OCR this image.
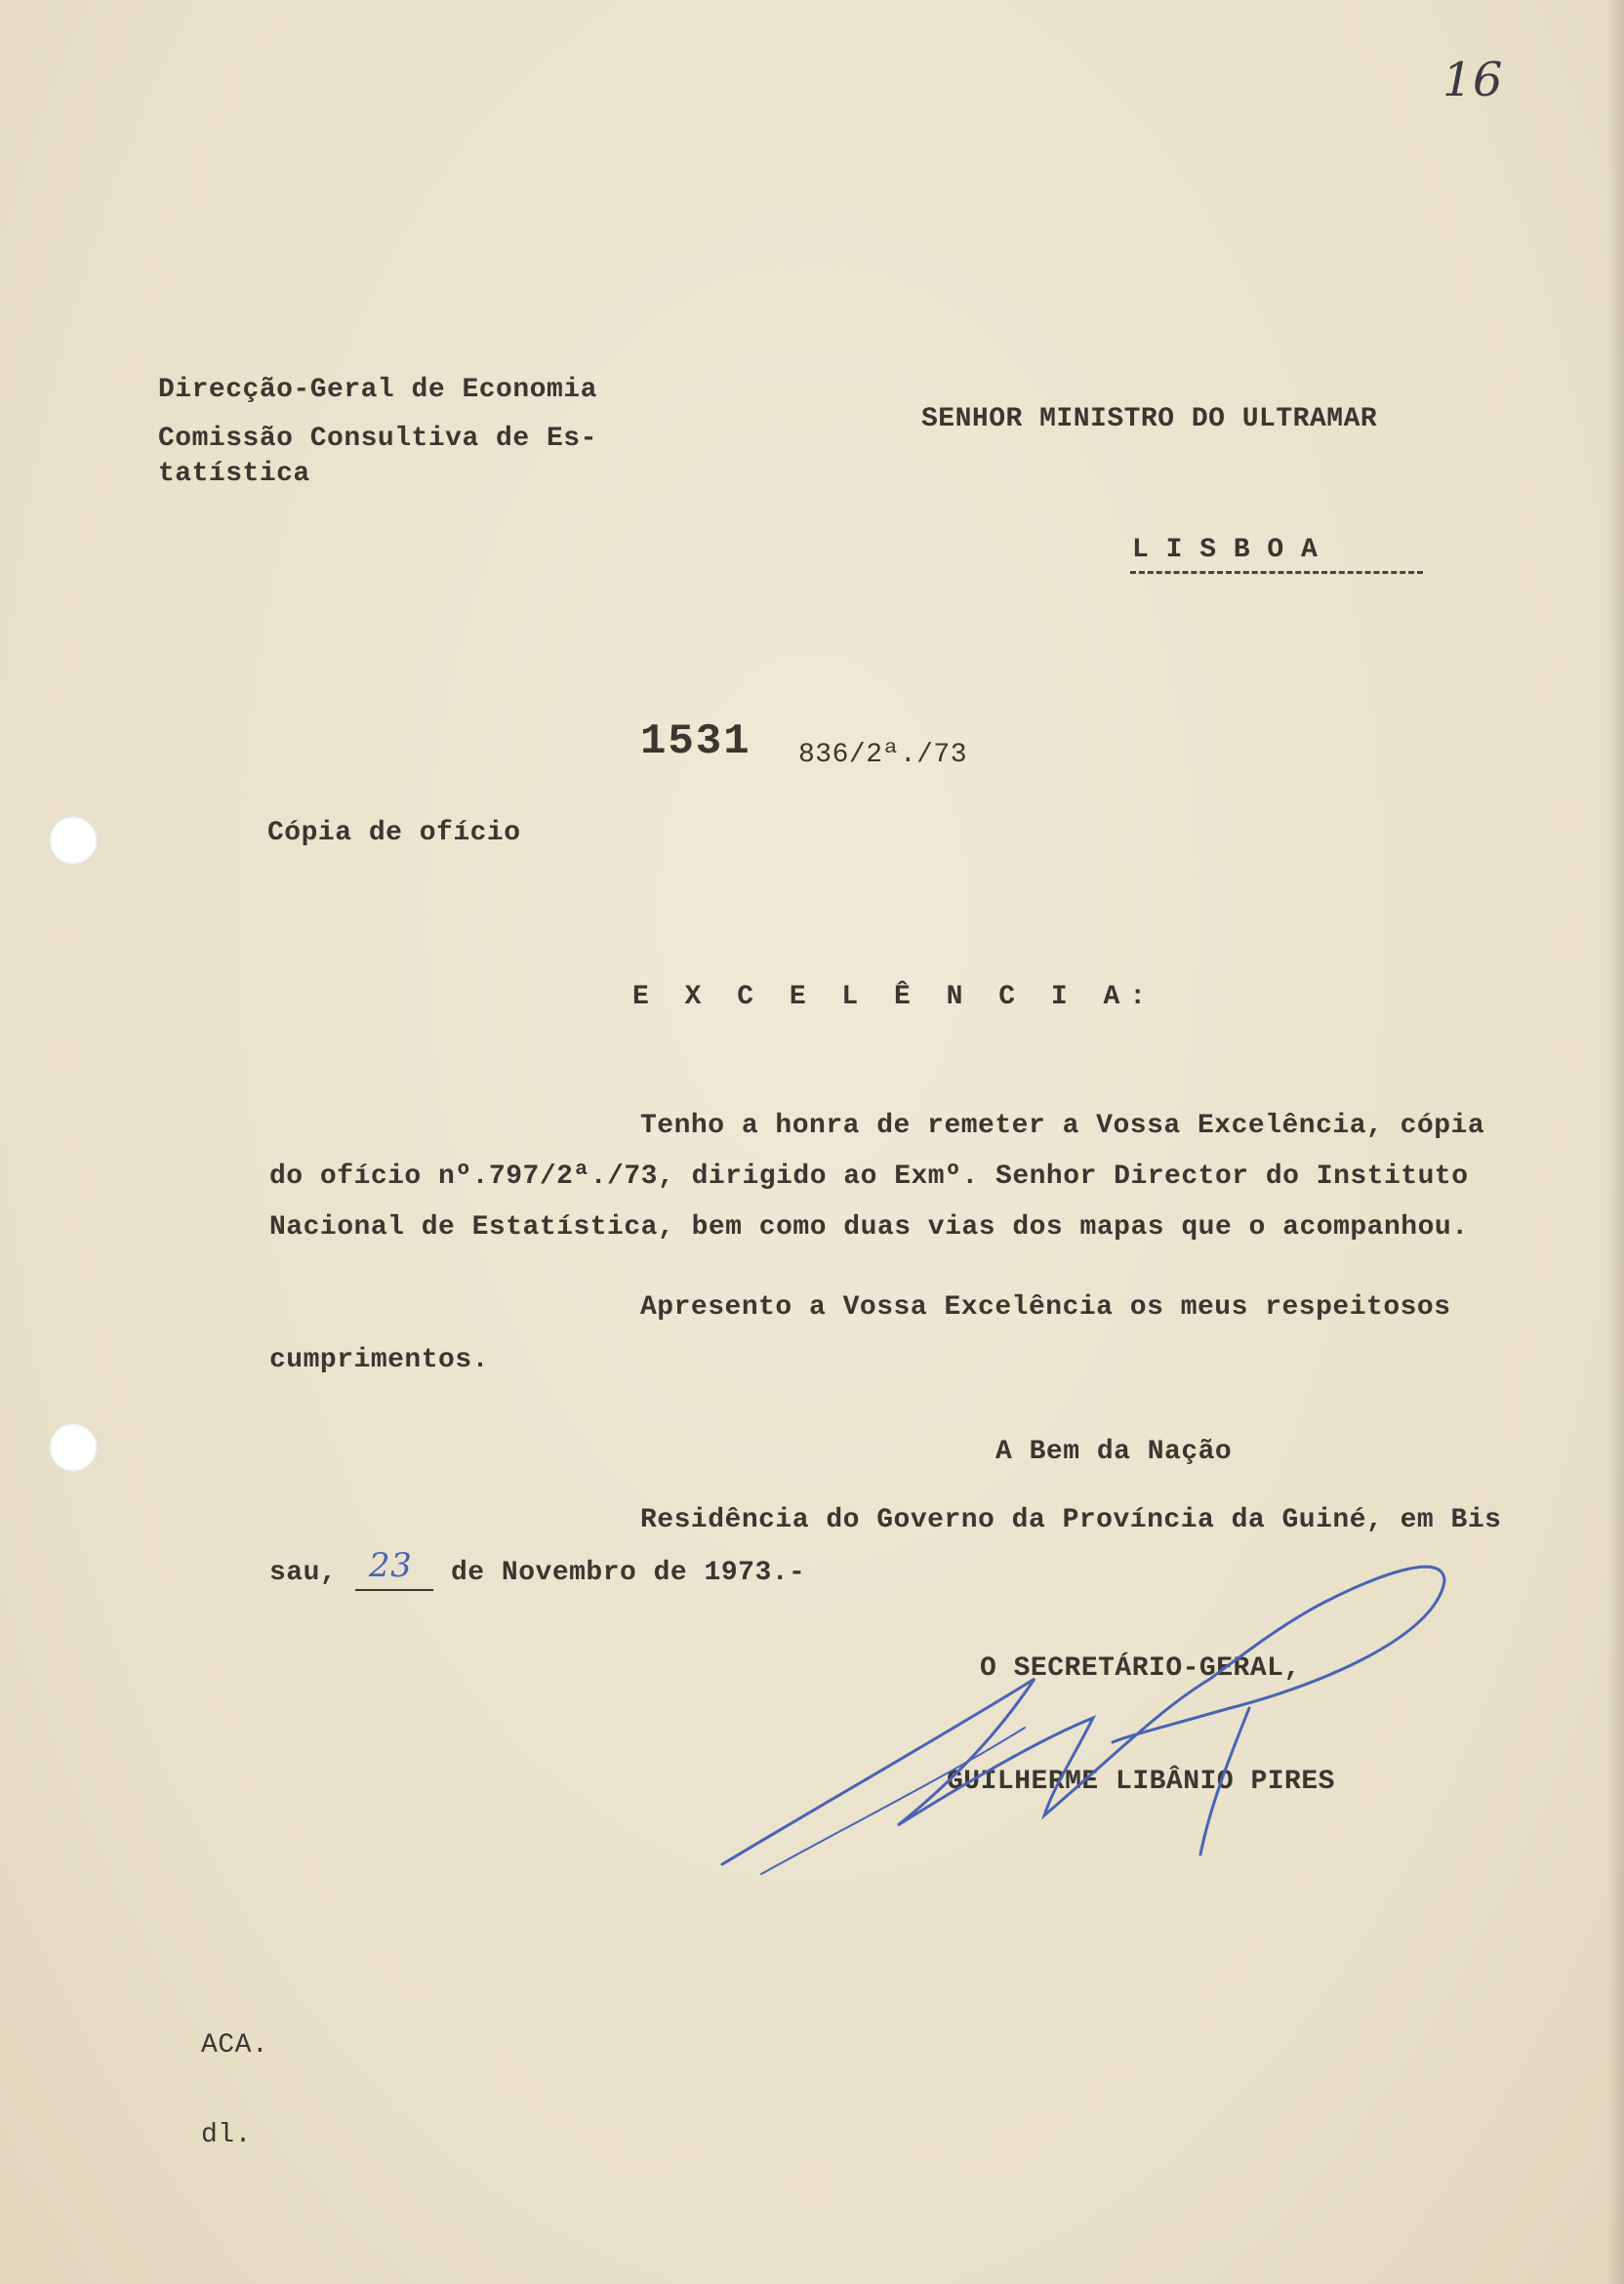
16
Direcção-Geral de Economia
Comissão Consultiva de Es-
tatística
SENHOR MINISTRO DO ULTRAMAR
L I S B O A
1531 836/2ª./73
Cópia de ofício
E X C E L Ê N C I A:
Tenho a honra de remeter a Vossa Excelência, cópia
do ofício nº.797/2ª./73, dirigido ao Exmº. Senhor Director do Instituto
Nacional de Estatística, bem como duas vias dos mapas que o acompanhou.
Apresento a Vossa Excelência os meus respeitosos
cumprimentos.
A Bem da Nação
Residência do Governo da Província da Guiné, em Bis
sau, 23 de Novembro de 1973.-
O SECRETÁRIO-GERAL,
GUILHERME LIBÂNIO PIRES
ACA.
dl.
